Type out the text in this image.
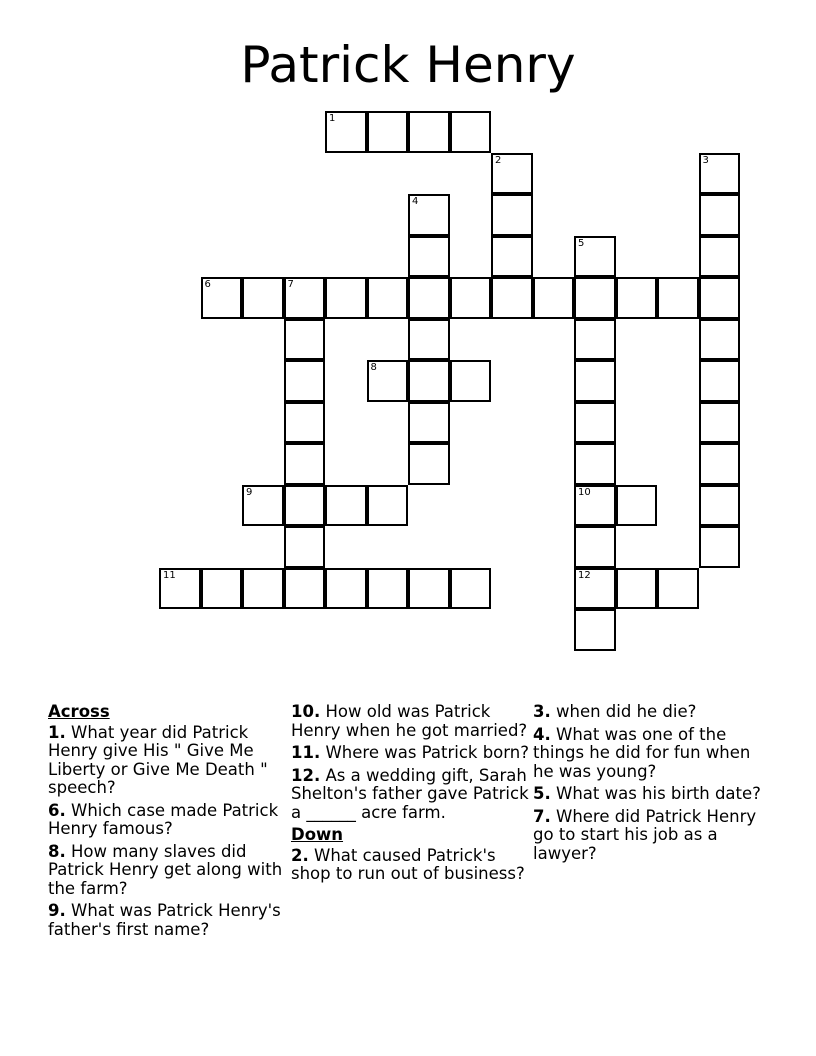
Patrick Henry
1
2	3
4
5
6	7
8
9	10
11	12
Across
1. What year did Patrick Henry give His " Give Me Liberty or Give Me Death " speech?
6. Which case made Patrick Henry famous?
8. How many slaves did Patrick Henry get along with the farm?
9. What was Patrick Henry's father's first name?
10. How old was Patrick Henry when he got married?
11. Where was Patrick born?
12. As a wedding gift, Sarah Shelton's father gave Patrick a ______ acre farm.
Down
2. What caused Patrick's shop to run out of business?
3. when did he die?
4. What was one of the things he did for fun when he was young?
5. What was his birth date?
7. Where did Patrick Henry go to start his job as a lawyer?
